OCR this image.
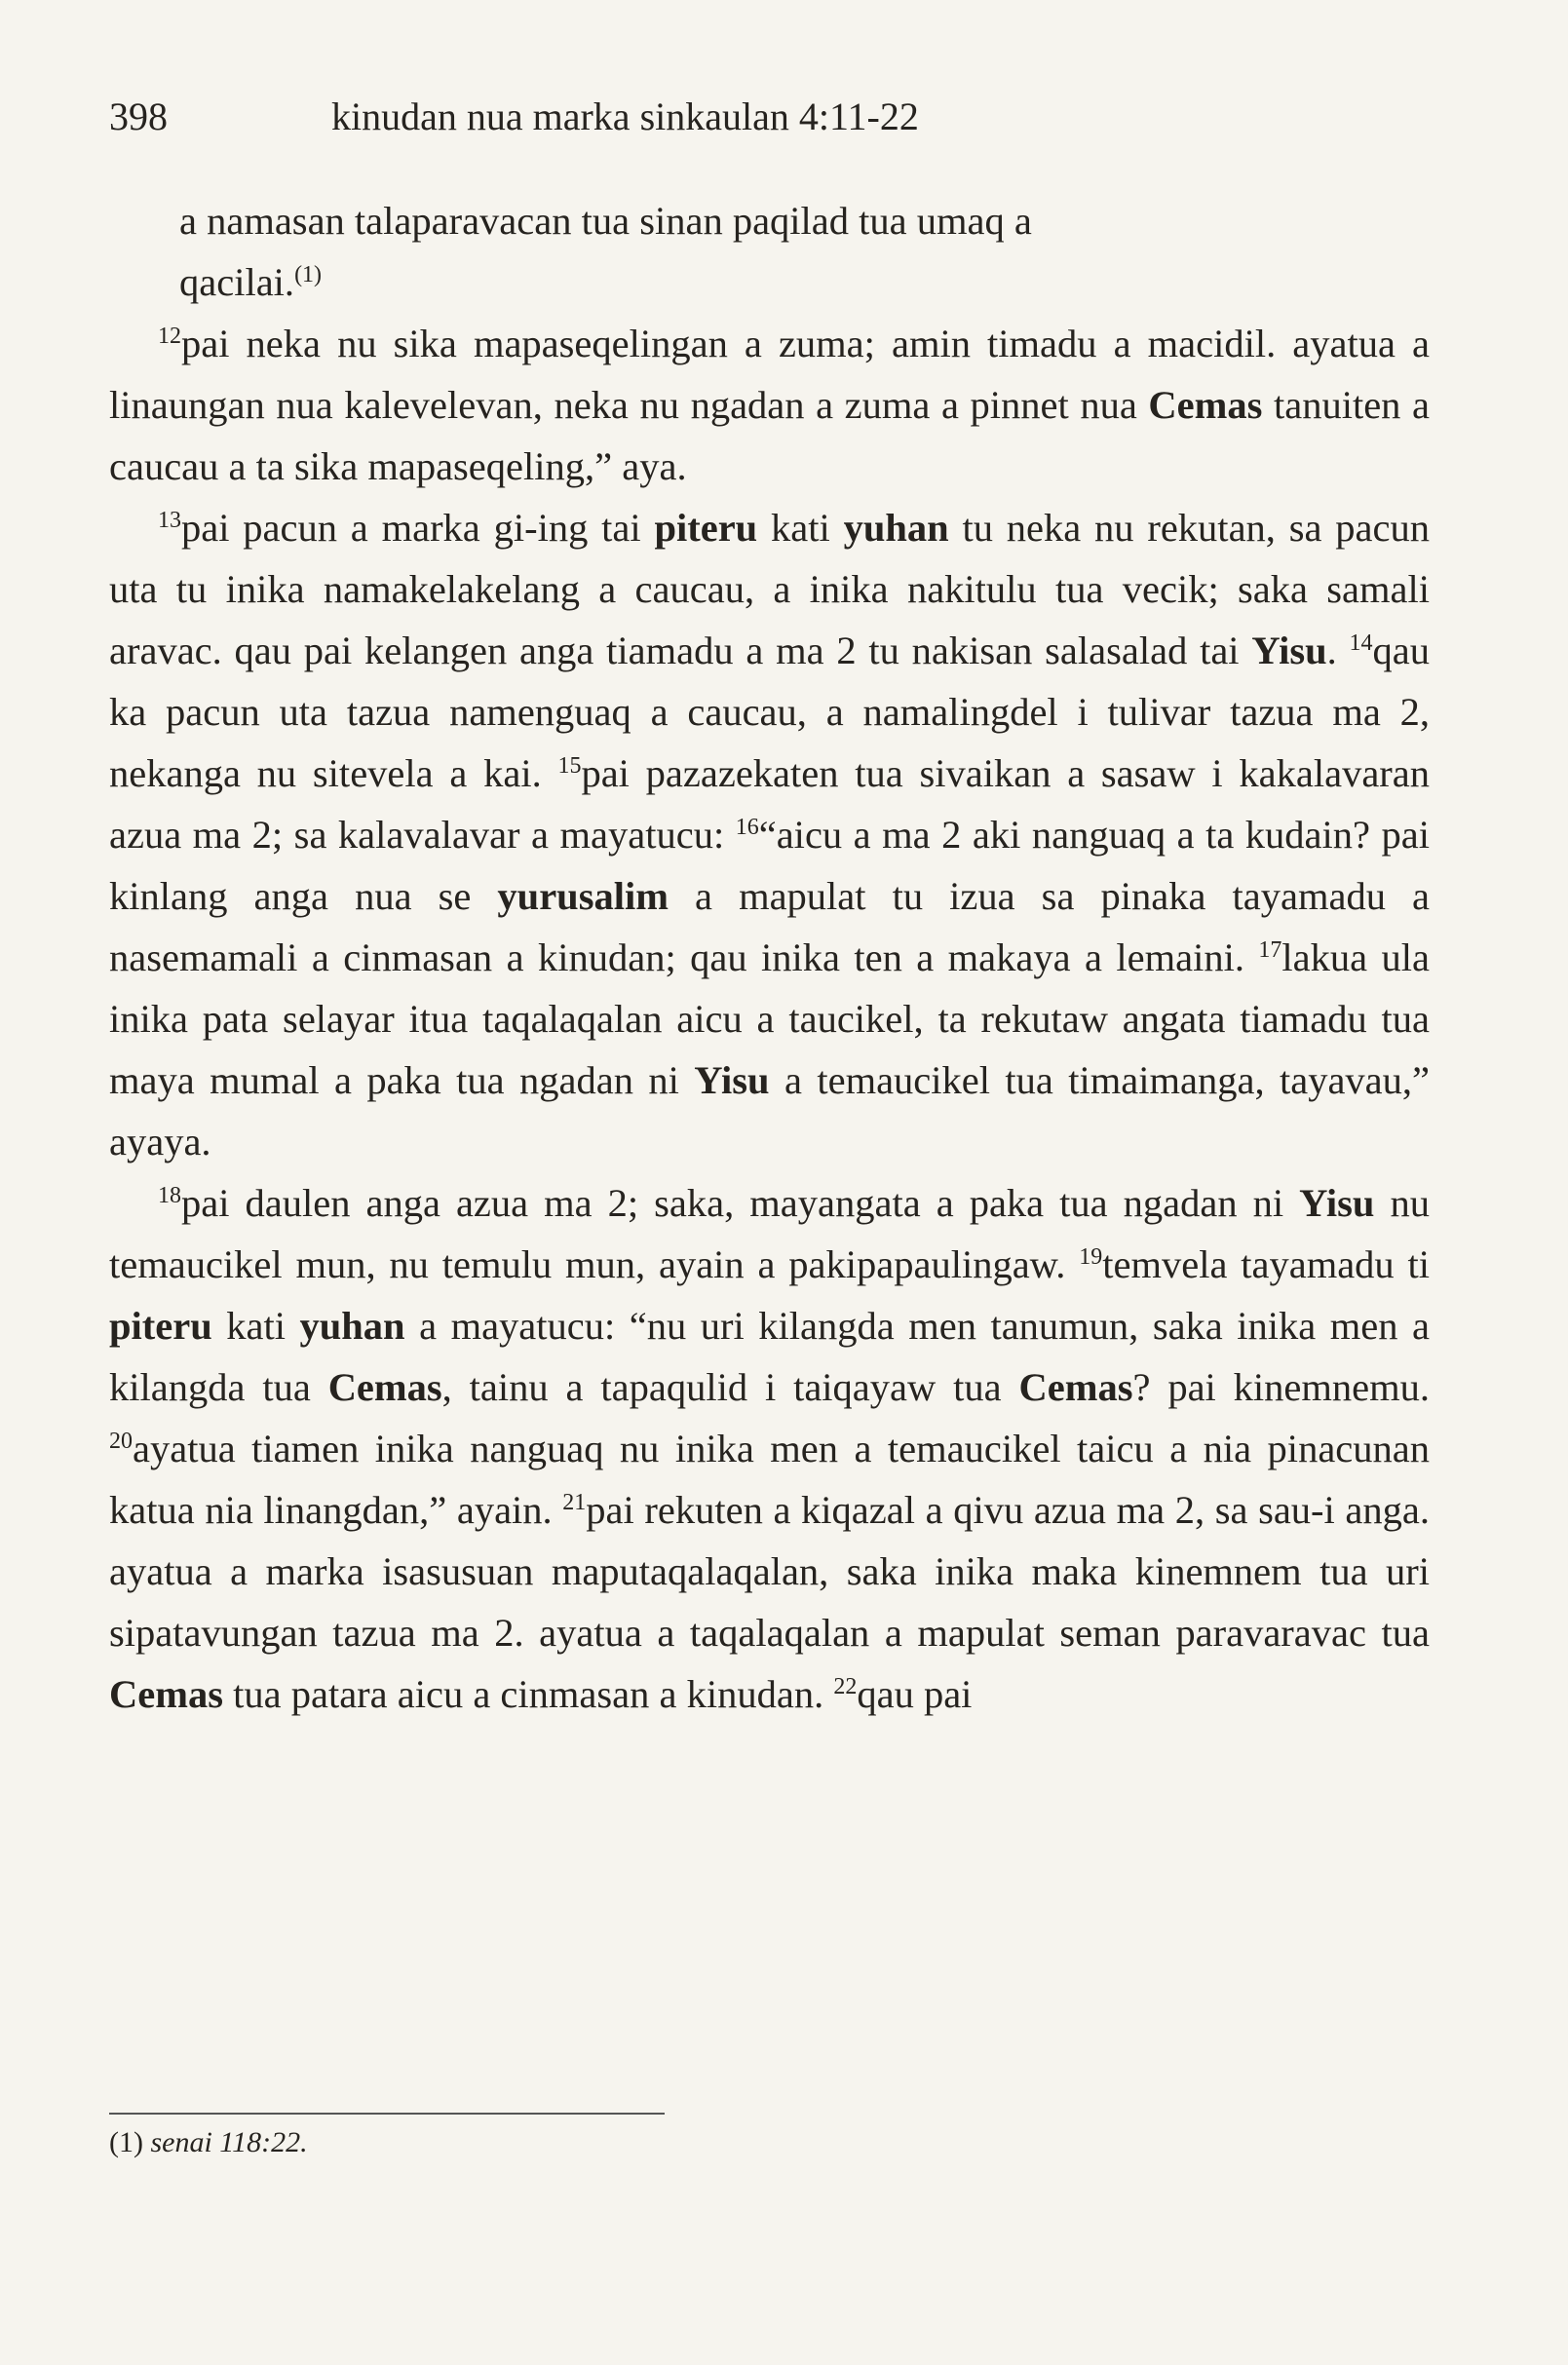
398	kinudan nua marka sinkaulan 4:11-22

a namasan talaparavacan tua sinan paqilad tua umaq a
qacilai.$^{(1)}$

$^{12}$pai neka nu sika mapaseqelingan a zuma; amin timadu a macidil. ayatua a linaungan nua kalevelevan, neka nu ngadan a zuma a pinnet nua Cemas tanuiten a caucau a ta sika mapaseqeling,” aya.

$^{13}$pai pacun a marka gi-ing tai piteru kati yuhan tu neka nu rekutan, sa pacun uta tu inika namakelakelang a caucau, a inika nakitulu tua vecik; saka samali aravac. qau pai kelangen anga tiamadu a ma 2 tu nakisan salasalad tai Yisu. $^{14}$qau ka pacun uta tazua namenguaq a caucau, a namalingdel i tulivar tazua ma 2, nekanga nu sitevela a kai. $^{15}$pai pazazekaten tua sivaikan a sasaw i kakalavaran azua ma 2; sa kalavalavar a mayatucu: $^{16}$“aicu a ma 2 aki nanguaq a ta kudain? pai kinlang anga nua se yurusalim a mapulat tu izua sa pinaka tayamadu a nasemamali a cinmasan a kinudan; qau inika ten a makaya a lemaini. $^{17}$lakua ula inika pata selayar itua taqalaqalan aicu a taucikel, ta rekutaw angata tiamadu tua maya mumal a paka tua ngadan ni Yisu a temaucikel tua timaimanga, tayavau,” ayaya.

$^{18}$pai daulen anga azua ma 2; saka, mayangata a paka tua ngadan ni Yisu nu temaucikel mun, nu temulu mun, ayain a pakipapaulingaw. $^{19}$temvela tayamadu ti piteru kati yuhan a mayatucu: “nu uri kilangda men tanumun, saka inika men a kilangda tua Cemas, tainu a tapaqulid i taiqayaw tua Cemas? pai kinemnemu. $^{20}$ayatua tiamen inika nanguaq nu inika men a temaucikel taicu a nia pinacunan katua nia linangdan,” ayain. $^{21}$pai rekuten a kiqazal a qivu azua ma 2, sa sau-i anga. ayatua a marka isasusuan maputaqalaqalan, saka inika maka kinemnem tua uri sipatavungan tazua ma 2. ayatua a taqalaqalan a mapulat seman paravaravac tua Cemas tua patara aicu a cinmasan a kinudan. $^{22}$qau pai

(1) senai 118:22.
